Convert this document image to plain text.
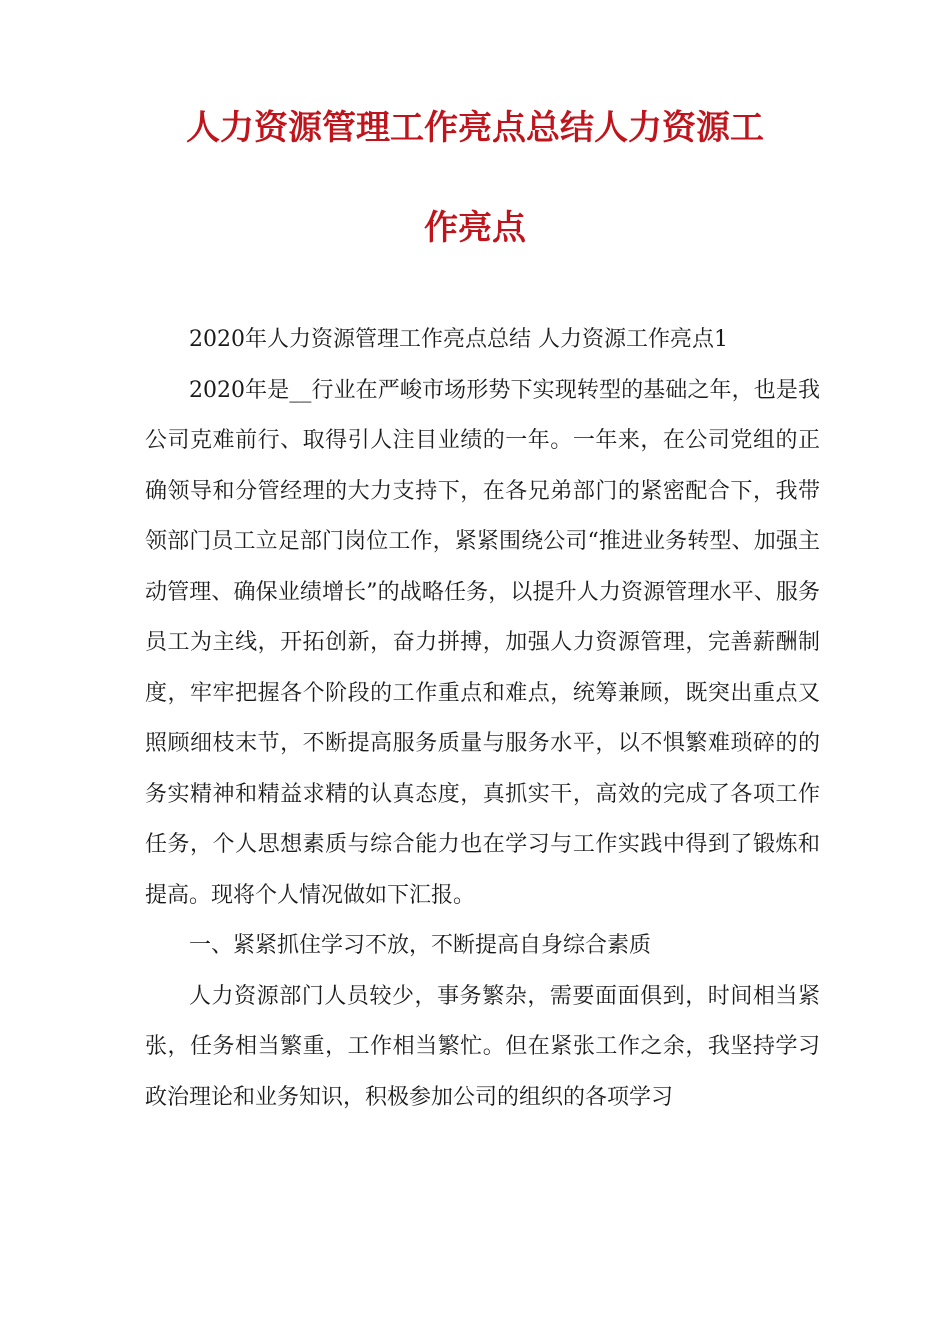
人力资源管理工作亮点总结人力资源工
作亮点

2020年人力资源管理工作亮点总结 人力资源工作亮点1

2020年是__行业在严峻市场形势下实现转型的基础之年，也是我公司克难前行、取得引人注目业绩的一年。一年来，在公司党组的正确领导和分管经理的大力支持下，在各兄弟部门的紧密配合下，我带领部门员工立足部门岗位工作，紧紧围绕公司“推进业务转型、加强主动管理、确保业绩增长”的战略任务，以提升人力资源管理水平、服务员工为主线，开拓创新，奋力拼搏，加强人力资源管理，完善薪酬制度，牢牢把握各个阶段的工作重点和难点，统筹兼顾，既突出重点又照顾细枝末节，不断提高服务质量与服务水平，以不惧繁难琐碎的的务实精神和精益求精的认真态度，真抓实干，高效的完成了各项工作任务，个人思想素质与综合能力也在学习与工作实践中得到了锻炼和提高。现将个人情况做如下汇报。

一、紧紧抓住学习不放，不断提高自身综合素质

人力资源部门人员较少，事务繁杂，需要面面俱到，时间相当紧张，任务相当繁重，工作相当繁忙。但在紧张工作之余，我坚持学习政治理论和业务知识，积极参加公司的组织的各项学习
